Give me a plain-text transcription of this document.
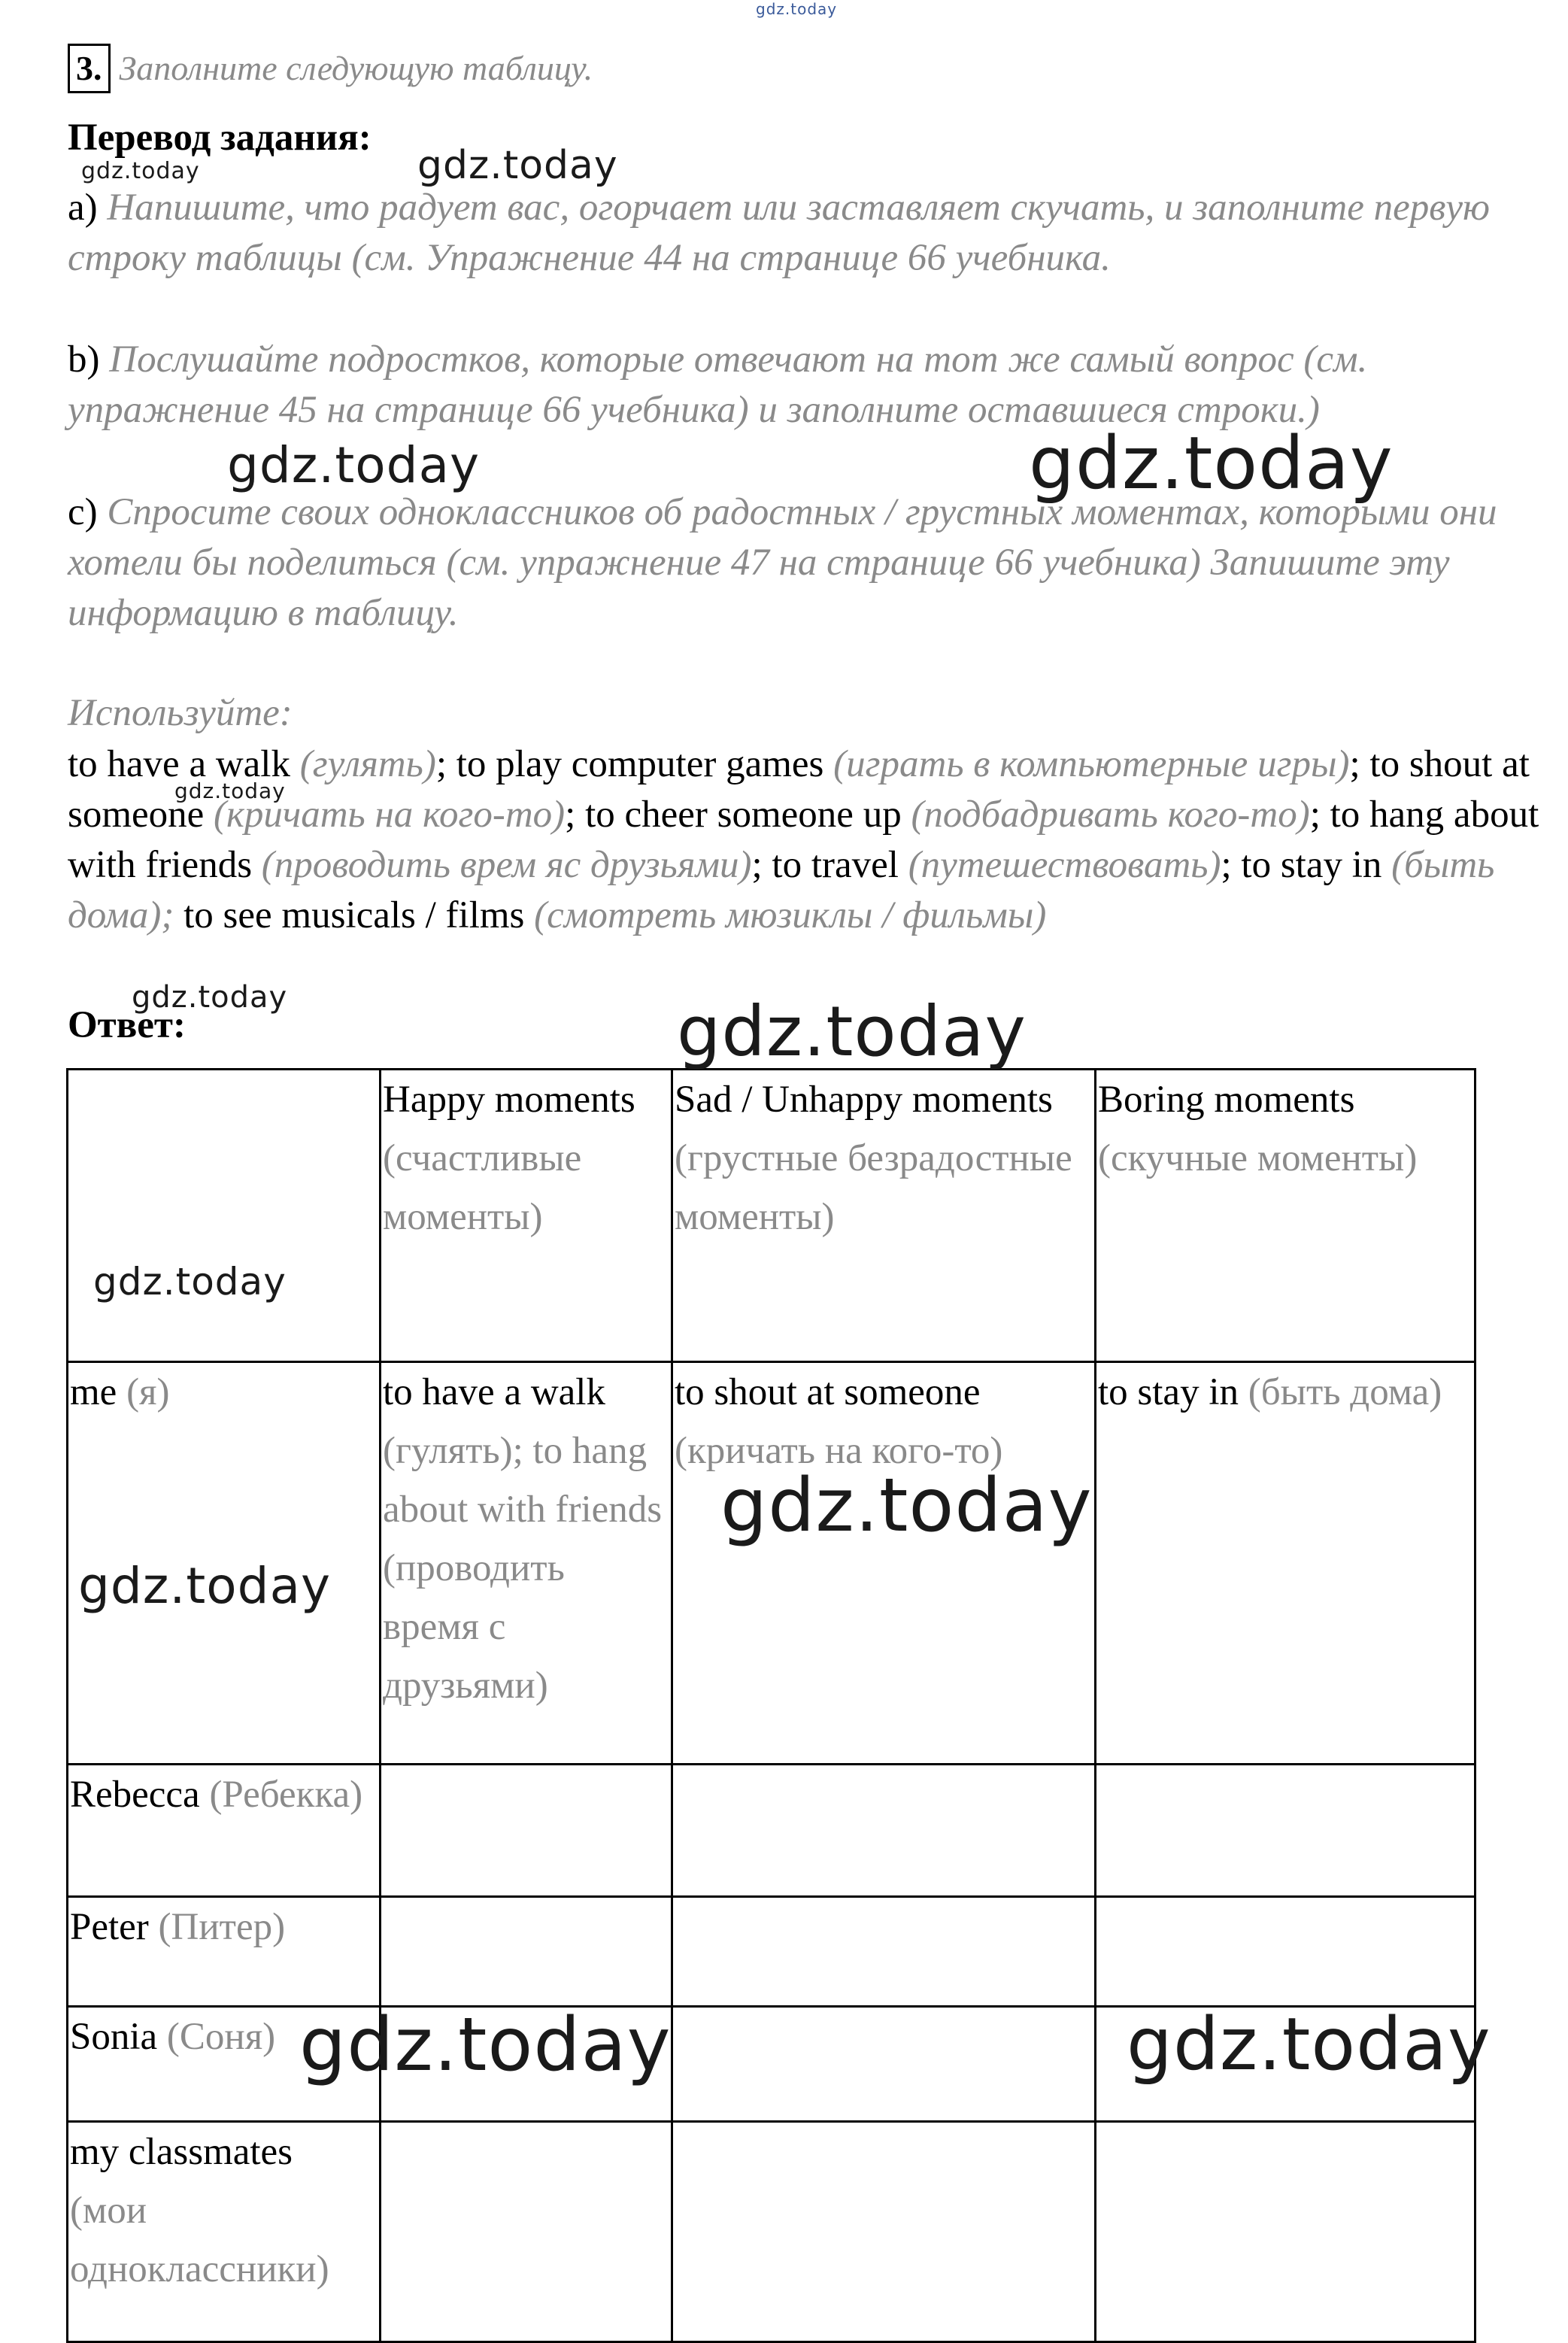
gdz.today
3. Заполните следующую таблицу.
Перевод задания:
a) Напишите, что радует вас, огорчает или заставляет скучать, и заполните первую строку таблицы (см. Упражнение 44 на странице 66 учебника.
b) Послушайте подростков, которые отвечают на тот же самый вопрос (см. упражнение 45 на странице 66 учебника) и заполните оставшиеся строки.)
c) Спросите своих одноклассников об радостных / грустных моментах, которыми они хотели бы поделиться (см. упражнение 47 на странице 66 учебника) Запишите эту информацию в таблицу.
Используйте:
to have a walk (гулять); to play computer games (играть в компьютерные игры); to shout at someone (кричать на кого-то); to cheer someone up (подбадривать кого-то); to hang about with friends (проводить врем яс друзьями); to travel (путешествовать); to stay in (быть дома); to see musicals / films (смотреть мюзиклы / фильмы)
Ответ:
	Happy moments (счастливые моменты)	Sad / Unhappy moments (грустные безрадостные моменты)	Boring moments (скучные моменты)
me (я)	to have a walk (гулять); to hang about with friends (проводить время с друзьями)	to shout at someone (кричать на кого-то)	to stay in (быть дома)
Rebecca (Ребекка)			
Peter (Питер)			
Sonia (Соня)			
my classmates (мои одноклассники)			
gdz.today	gdz.today
gdz.today	gdz.today
gdz.today
gdz.today	gdz.today
gdz.today
gdz.today
gdz.today
gdz.today	gdz.today
